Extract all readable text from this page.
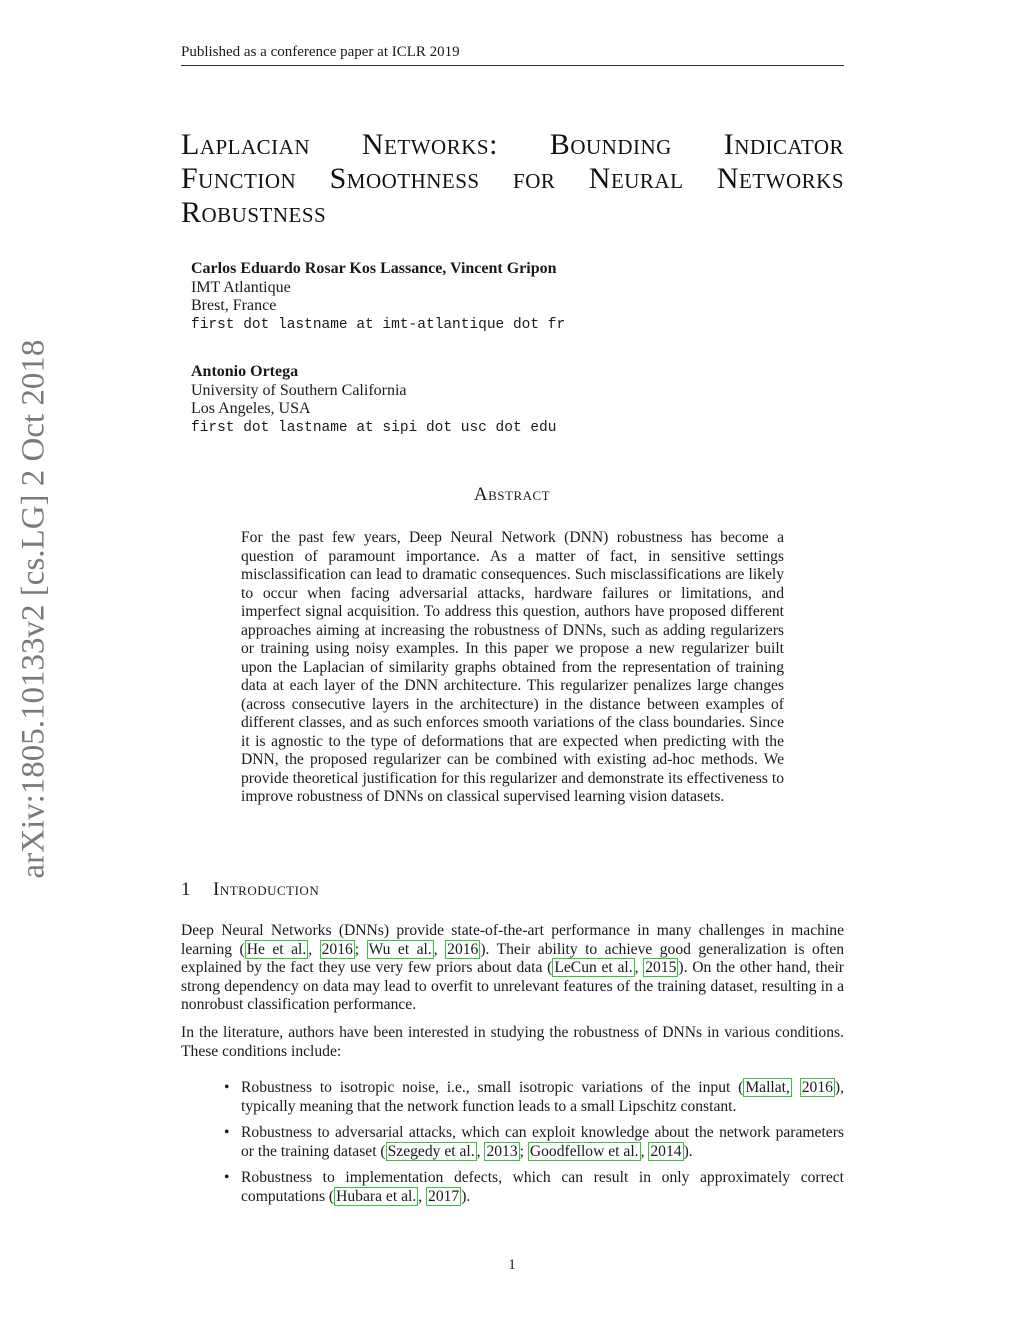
Published as a conference paper at ICLR 2019
arXiv:1805.10133v2 [cs.LG] 2 Oct 2018
Laplacian Networks: Bounding Indicator
Function Smoothness for Neural Networks
Robustness
Carlos Eduardo Rosar Kos Lassance, Vincent Gripon
IMT Atlantique
Brest, France
first dot lastname at imt-atlantique dot fr
Antonio Ortega
University of Southern California
Los Angeles, USA
first dot lastname at sipi dot usc dot edu
Abstract
For the past few years, Deep Neural Network (DNN) robustness has become a question of paramount importance. As a matter of fact, in sensitive settings misclassification can lead to dramatic consequences. Such misclassifications are likely to occur when facing adversarial attacks, hardware failures or limitations, and imperfect signal acquisition. To address this question, authors have proposed different approaches aiming at increasing the robustness of DNNs, such as adding regularizers or training using noisy examples. In this paper we propose a new regularizer built upon the Laplacian of similarity graphs obtained from the representation of training data at each layer of the DNN architecture. This regularizer penalizes large changes (across consecutive layers in the architecture) in the distance between examples of different classes, and as such enforces smooth variations of the class boundaries. Since it is agnostic to the type of deformations that are expected when predicting with the DNN, the proposed regularizer can be combined with existing ad-hoc methods. We provide theoretical justification for this regularizer and demonstrate its effectiveness to improve robustness of DNNs on classical supervised learning vision datasets.
1 Introduction
Deep Neural Networks (DNNs) provide state-of-the-art performance in many challenges in machine learning ( He et al. , 2016 ; Wu et al. , 2016 ). Their ability to achieve good generalization is often explained by the fact they use very few priors about data ( LeCun et al. , 2015 ). On the other hand, their strong dependency on data may lead to overfit to unrelevant features of the training dataset, resulting in a nonrobust classification performance.
In the literature, authors have been interested in studying the robustness of DNNs in various conditions. These conditions include:
• Robustness to isotropic noise, i.e., small isotropic variations of the input ( Mallat, 2016 ), typically meaning that the network function leads to a small Lipschitz constant.
• Robustness to adversarial attacks, which can exploit knowledge about the network parameters or the training dataset ( Szegedy et al. , 2013 ; Goodfellow et al. , 2014 ).
• Robustness to implementation defects, which can result in only approximately correct computations ( Hubara et al. , 2017 ).
1
